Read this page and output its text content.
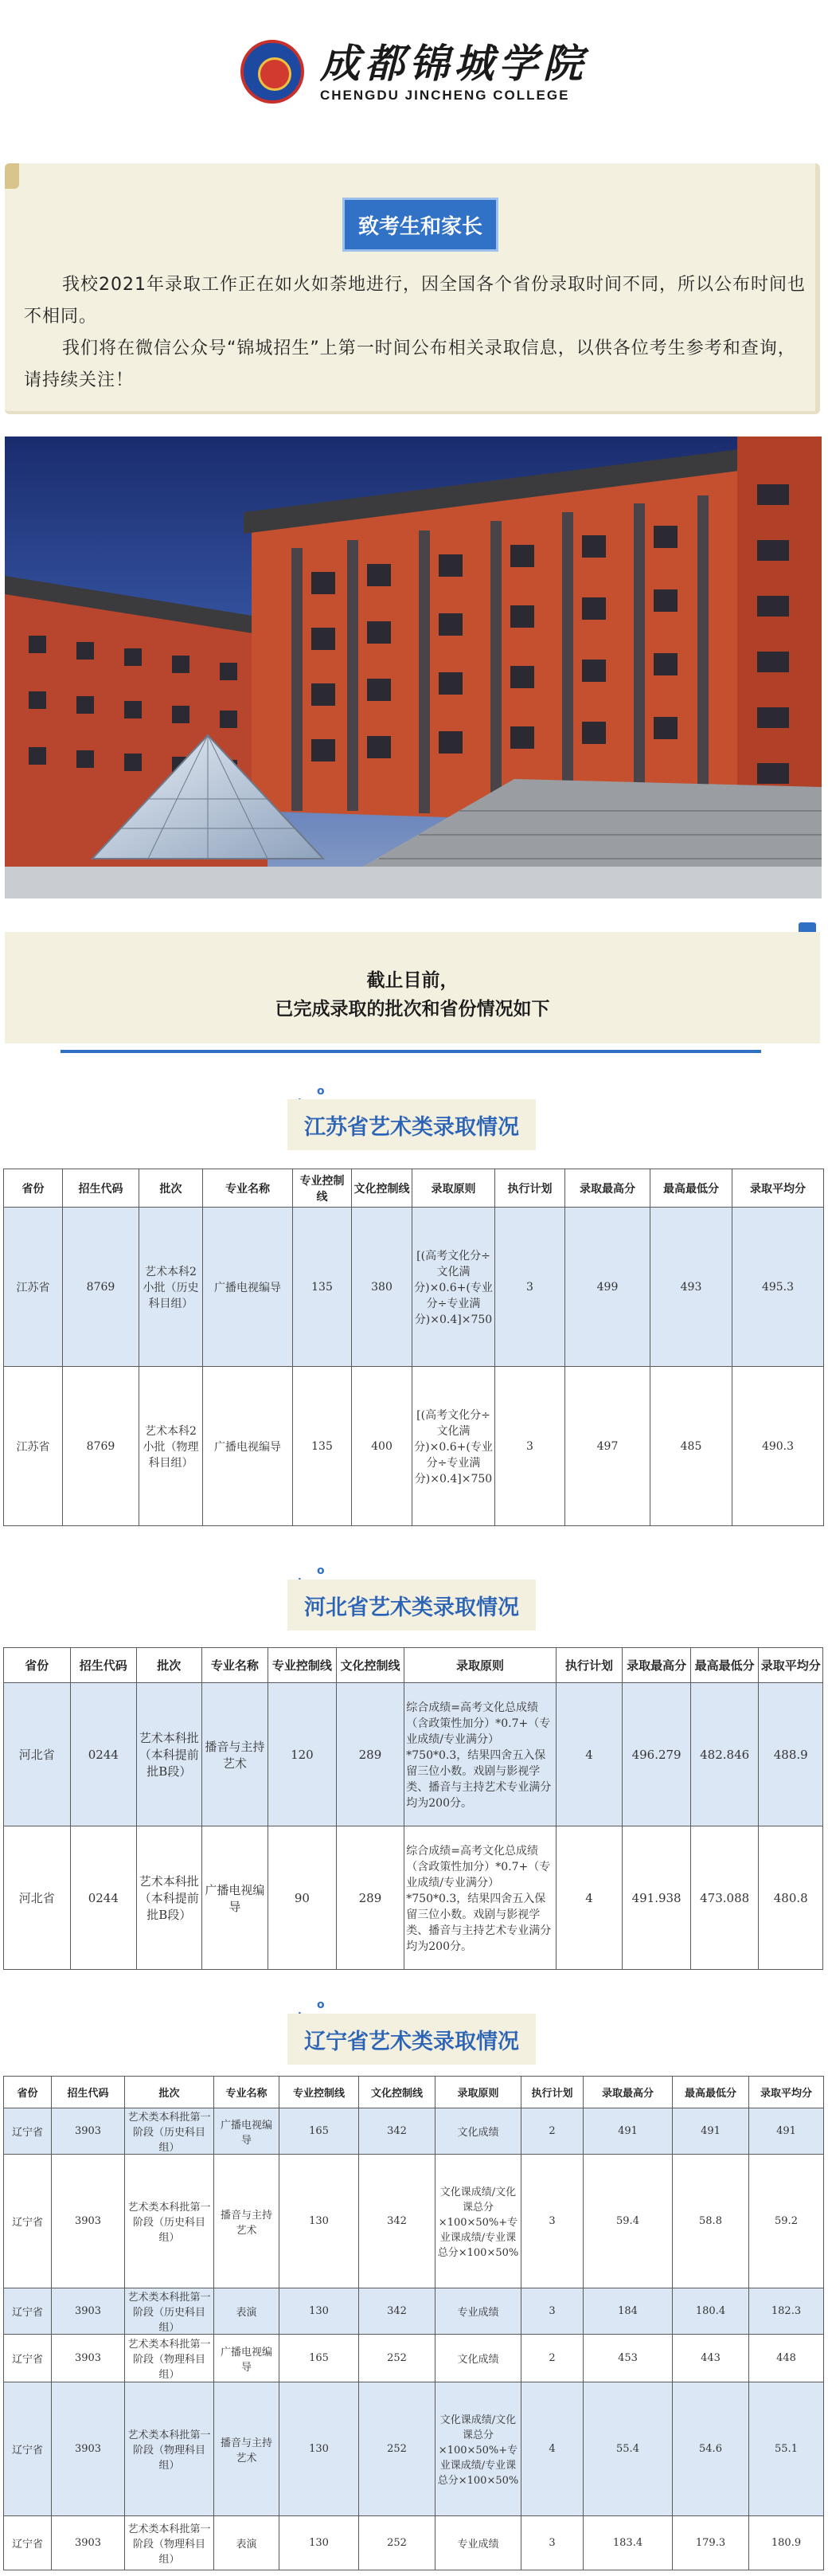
成都锦城学院
CHENGDU JINCHENG COLLEGE
致考生和家长
我校2021年录取工作正在如火如荼地进行，因全国各个省份录取时间不同，所以公布时间也不相同。
我们将在微信公众号“锦城招生”上第一时间公布相关录取信息，以供各位考生参考和查询，请持续关注！
截止目前，
已完成录取的批次和省份情况如下
o
江苏省艺术类录取情况
省份	招生代码	批次	专业名称	专业控制线	文化控制线	录取原则	执行计划	录取最高分	最高最低分	录取平均分
江苏省	8769	艺术本科2小批（历史科目组）	广播电视编导	135	380	[(高考文化分÷文化满分)×0.6+(专业分÷专业满分)×0.4]×750	3	499	493	495.3
江苏省	8769	艺术本科2小批（物理科目组）	广播电视编导	135	400	[(高考文化分÷文化满分)×0.6+(专业分÷专业满分)×0.4]×750	3	497	485	490.3
o
河北省艺术类录取情况
省份	招生代码	批次	专业名称	专业控制线	文化控制线	录取原则	执行计划	录取最高分	最高最低分	录取平均分
河北省	0244	艺术本科批（本科提前批B段）	播音与主持艺术	120	289	综合成绩=高考文化总成绩（含政策性加分）*0.7+（专业成绩/专业满分）*750*0.3，结果四舍五入保留三位小数。戏剧与影视学类、播音与主持艺术专业满分均为200分。	4	496.279	482.846	488.9
河北省	0244	艺术本科批（本科提前批B段）	广播电视编导	90	289	综合成绩=高考文化总成绩（含政策性加分）*0.7+（专业成绩/专业满分）*750*0.3，结果四舍五入保留三位小数。戏剧与影视学类、播音与主持艺术专业满分均为200分。	4	491.938	473.088	480.8
o
辽宁省艺术类录取情况
省份	招生代码	批次	专业名称	专业控制线	文化控制线	录取原则	执行计划	录取最高分	最高最低分	录取平均分
辽宁省	3903	艺术类本科批第一阶段（历史科目组）	广播电视编导	165	342	文化成绩	2	491	491	491
辽宁省	3903	艺术类本科批第一阶段（历史科目组）	播音与主持艺术	130	342	文化课成绩/文化课总分×100×50%+专业课成绩/专业课总分×100×50%	3	59.4	58.8	59.2
辽宁省	3903	艺术类本科批第一阶段（历史科目组）	表演	130	342	专业成绩	3	184	180.4	182.3
辽宁省	3903	艺术类本科批第一阶段（物理科目组）	广播电视编导	165	252	文化成绩	2	453	443	448
辽宁省	3903	艺术类本科批第一阶段（物理科目组）	播音与主持艺术	130	252	文化课成绩/文化课总分×100×50%+专业课成绩/专业课总分×100×50%	4	55.4	54.6	55.1
辽宁省	3903	艺术类本科批第一阶段（物理科目组）	表演	130	252	专业成绩	3	183.4	179.3	180.9
